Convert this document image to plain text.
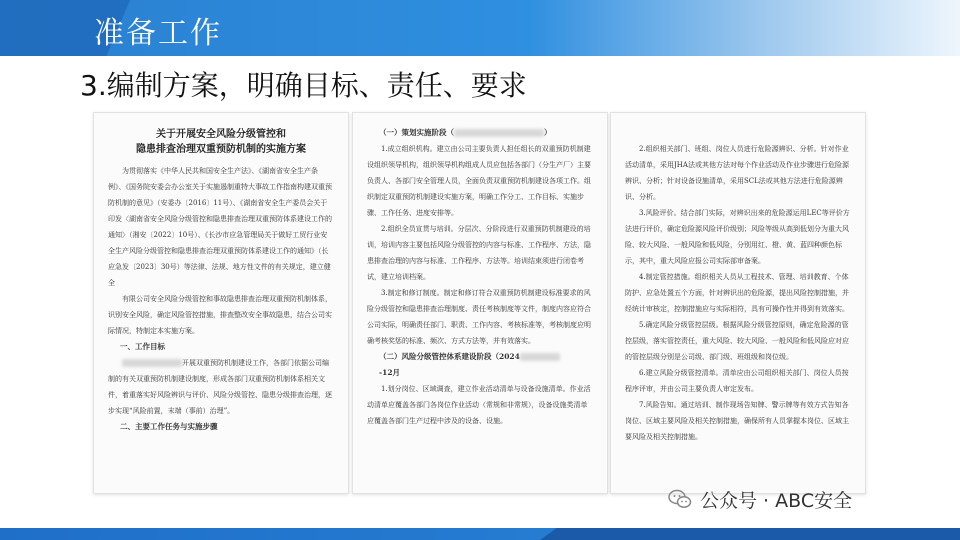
准备工作
3.编制方案，明确目标、责任、要求
关于开展安全风险分级管控和
隐患排查治理双重预防机制的实施方案

为贯彻落实《中华人民共和国安全生产法》、《湖南省安全生产条例》、《国务院安委会办公室关于实施遏制重特大事故工作指南构建双重预防机制的意见》（安委办〔2016〕11号）、《湖南省安全生产委员会关于印发〈湖南省安全风险分级管控和隐患排查治理双重预防体系建设工作的通知〉（湘安〔2022〕10号）、《长沙市应急管理局关于做好工贸行业安全生产风险分级管控和隐患排查治理双重预防体系建设工作的通知》（长应急发〔2023〕30号）等法律、法规、地方性文件的有关规定，建立健全

有限公司安全风险分级管控和事故隐患排查治理双重预防机制体系，识别安全风险，确定风险管控措施，排查整改安全事故隐患，结合公司实际情况，特制定本实施方案。

一、工作目标

开展双重预防机制建设工作，各部门依据公司编制的有关双重预防机制建设制度，形成各部门双重预防机制体系相关文件，着重落实好风险辨识与评价、风险分级管控、隐患分级排查治理，逐步实现“风险前置，末端（事前）治理”。

二、主要工作任务与实施步骤

（一）策划实施阶段（	）

1.成立组织机构。建立由公司主要负责人担任组长的双重预防机制建设组织领导机构，组织领导机构组成人员应包括各部门（分生产厂）主要负责人、各部门安全管理人员，全面负责双重预防机制建设各项工作。组织制定双重预防机制建设实施方案，明确工作分工、工作目标、实施步骤、工作任务、进度安排等。

2.组织全员宣贯与培训。分层次、分阶段进行双重预防机制建设的培训，培训内容主要包括风险分级管控的内容与标准、工作程序、方法，隐患排查治理的内容与标准、工作程序、方法等。培训结束须进行闭卷考试，建立培训档案。

3.制定和修订制度。制定和修订符合双重预防机制建设标准要求的风险分级管控和隐患排查治理制度、责任考核制度等文件，制度内容应符合公司实际，明确责任部门、职责、工作内容、考核标准等，考核制度应明确考核奖惩的标准、频次、方式方法等，并有效落实。

（二）风险分级管控体系建设阶段（2024

-12月

1.划分岗位、区域调查，建立作业活动清单与设备设施清单。作业活动清单应覆盖各部门各岗位作业活动（常规和非常规），设备设施类清单应覆盖各部门生产过程中涉及的设备、设施。

2.组织相关部门、班组、岗位人员进行危险源辨识、分析。针对作业活动清单，采用JHA法或其他方法对每个作业活动及作业步骤进行危险源辨识、分析；针对设备设施清单，采用SCL法或其他方法进行危险源辨识、分析。

3.风险评价。结合部门实际，对辨识出来的危险源运用LEC等评价方法进行评价，确定危险源风险评价级别；风险等级从高到低划分为重大风险、较大风险、一般风险和低风险，分别用红、橙、黄、蓝四种颜色标示，其中，重大风险应报公司实际部审备案。

4.制定管控措施。组织相关人员从工程技术、管理、培训教育、个体防护、应急处置五个方面，针对辨识出的危险源，提出风险控制措施，并经统计审核定，控制措施应与实际相符，具有可操作性并得到有效落实。

5.确定风险分级管控层级。根据风险分级管控原则，确定危险源的管控层级，落实管控责任，重大风险、较大风险、一般风险和低风险应对应的管控层级分别是公司级、部门级、班组级和岗位级。

6.建立风险分级管控清单。清单应由公司组织相关部门、岗位人员按程序评审，并由公司主要负责人审定发布。

7.风险告知。通过培训、制作现场告知牌、警示牌等有效方式告知各岗位、区域主要风险及相关控制措施，确保所有人员掌握本岗位、区域主要风险及相关控制措施。

公众号 · ABC安全
